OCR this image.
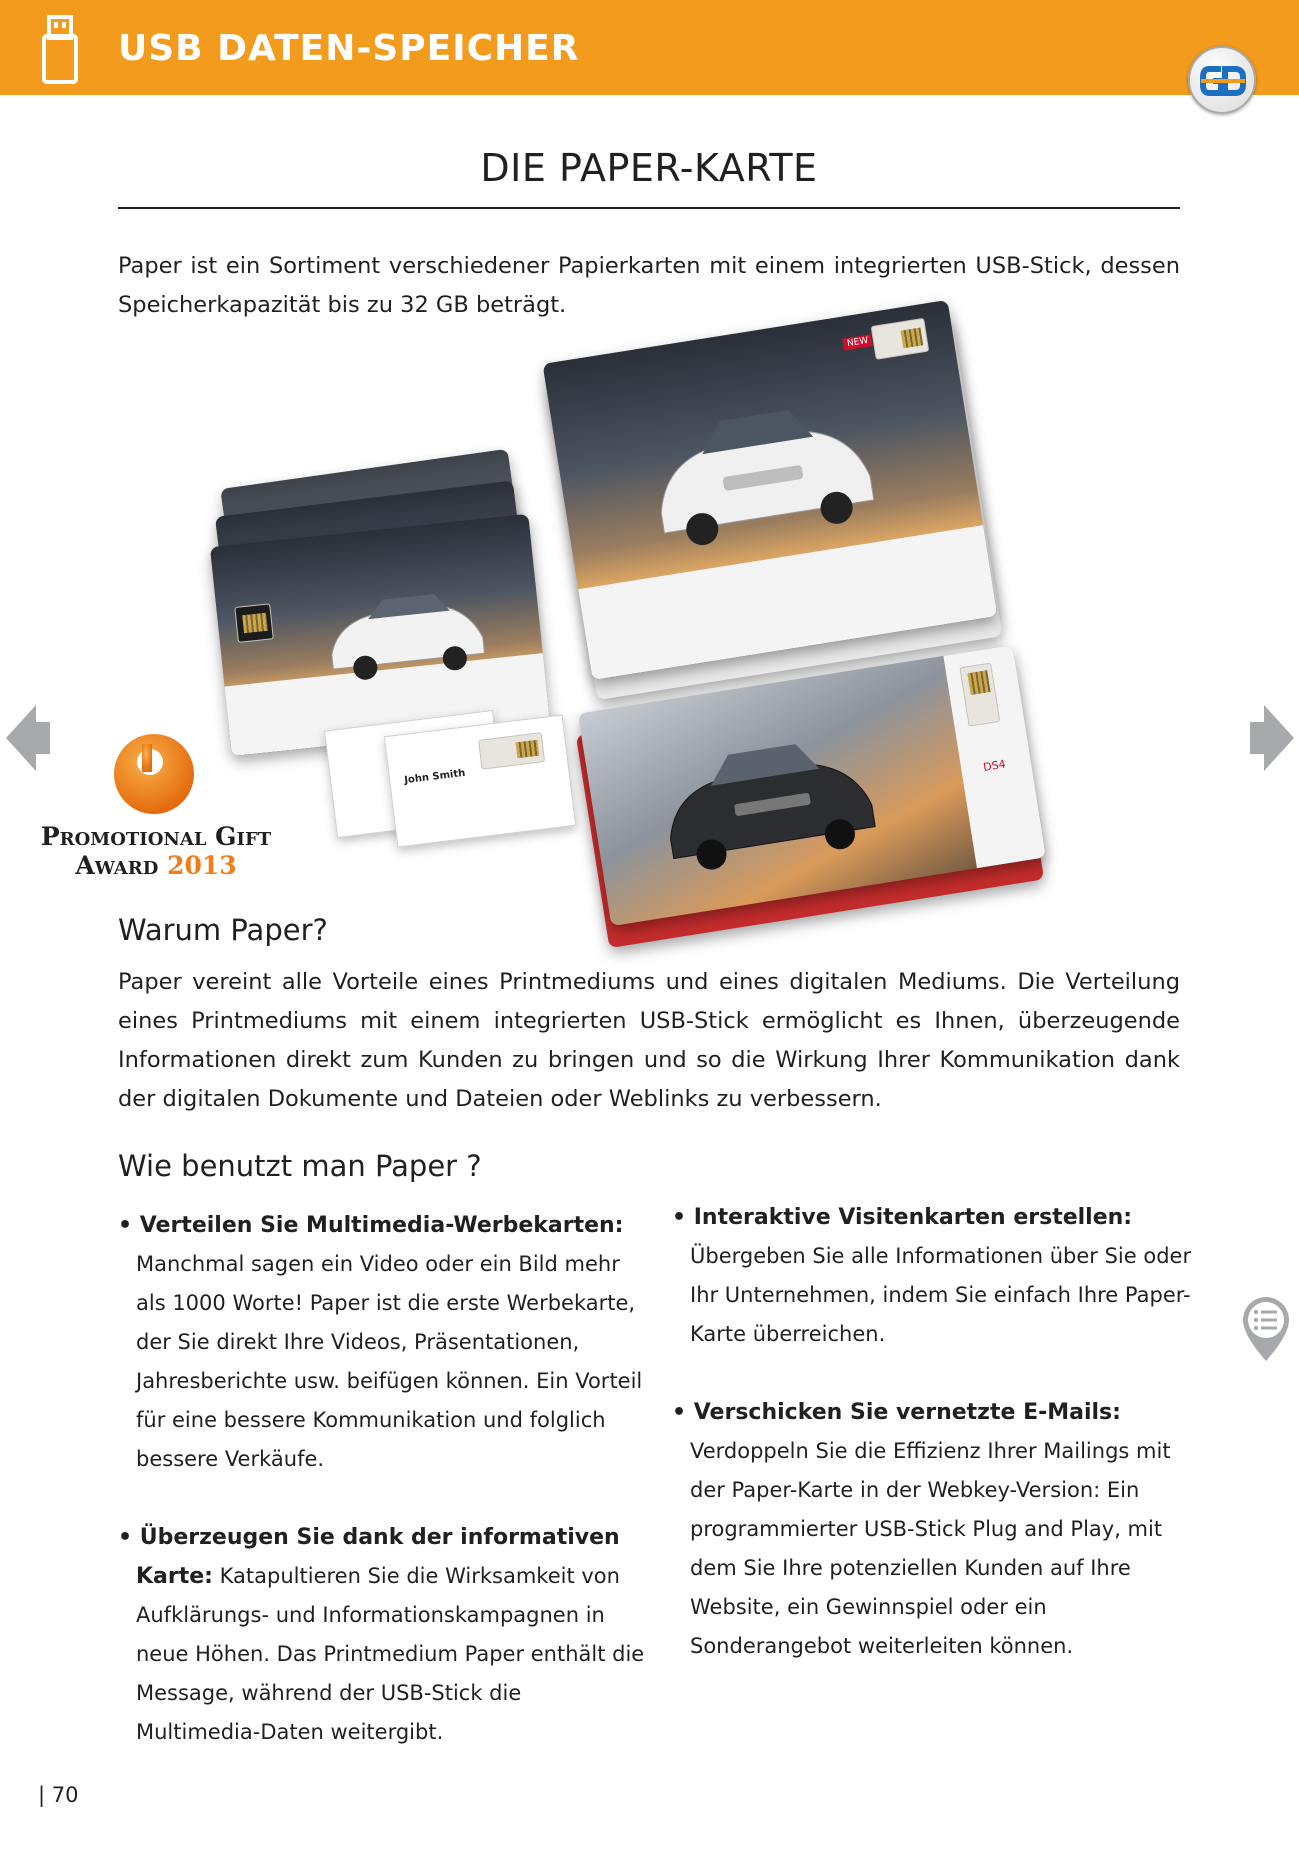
USB DATEN-SPEICHER
DIE PAPER-KARTE
Paper ist ein Sortiment verschiedener Papierkarten mit einem integrierten USB-Stick, dessen Speicherkapazität bis zu 32 GB beträgt.
NEW
John Smith
DS4
Promotional Gift
Award 2013
Warum Paper?
Paper vereint alle Vorteile eines Printmediums und eines digitalen Mediums. Die Verteilung eines Printmediums mit einem integrierten USB-Stick ermöglicht es Ihnen, überzeugende Informationen direkt zum Kunden zu bringen und so die Wirkung Ihrer Kommunikation dank der digitalen Dokumente und Dateien oder Weblinks zu verbessern.
Wie benutzt man Paper ?
• Verteilen Sie Multimedia-Werbekarten:
Manchmal sagen ein Video oder ein Bild mehr als 1000 Worte! Paper ist die erste Werbekarte, der Sie direkt Ihre Videos, Präsentationen, Jahresberichte usw. beifügen können. Ein Vorteil für eine bessere Kommunikation und folglich bessere Verkäufe.
• Überzeugen Sie dank der informativen
Karte: Katapultieren Sie die Wirksamkeit von Aufklärungs- und Informationskampagnen in neue Höhen. Das Printmedium Paper enthält die Message, während der USB-Stick die Multimedia-Daten weitergibt.
• Interaktive Visitenkarten erstellen:
Übergeben Sie alle Informationen über Sie oder Ihr Unternehmen, indem Sie einfach Ihre Paper-Karte überreichen.
• Verschicken Sie vernetzte E-Mails:
Verdoppeln Sie die Effizienz Ihrer Mailings mit der Paper-Karte in der Webkey-Version: Ein programmierter USB-Stick Plug and Play, mit dem Sie Ihre potenziellen Kunden auf Ihre Website, ein Gewinnspiel oder ein Sonderangebot weiterleiten können.
| 70
